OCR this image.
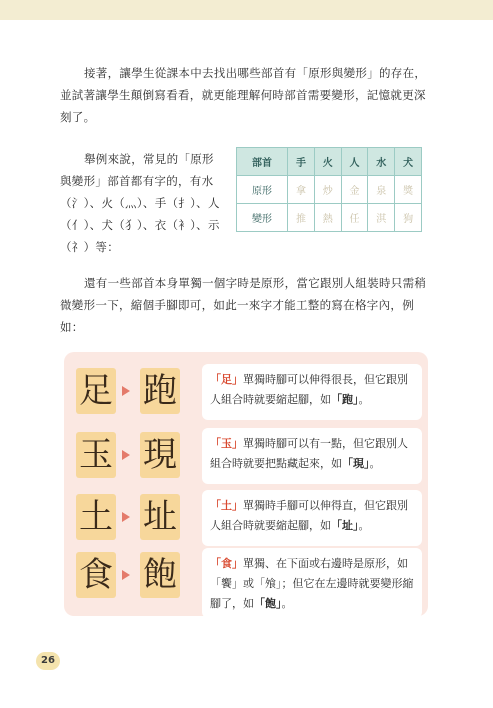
接著，讓學生從課本中去找出哪些部首有「原形與變形」的存在，並試著讓學生顛倒寫看看，就更能理解何時部首需要變形，記憶就更深刻了。
舉例來說，常見的「原形
與變形」部首都有字的，有水
（氵）、火（灬）、手（扌）、人
（亻）、犬（犭）、衣（衤）、示
（礻）等：
部首	手	火	人	水	犬
原形	拿	炒	金	泉	獎
變形	推	熱	任	淇	狗
還有一些部首本身單獨一個字時是原形，當它跟別人組裝時只需稍微變形一下，縮個手腳即可，如此一來字才能工整的寫在格字內，例如：
足 跑	「足」單獨時腳可以伸得很長，但它跟別人組合時就要縮起腳，如「跑」。
玉 現	「玉」單獨時腳可以有一點，但它跟別人組合時就要把點藏起來，如「現」。
土 址	「土」單獨時手腳可以伸得直，但它跟別人組合時就要縮起腳，如「址」。
食 飽	「食」單獨、在下面或右邊時是原形，如「饗」或「飧」；但它在左邊時就要變形縮腳了，如「飽」。
26
